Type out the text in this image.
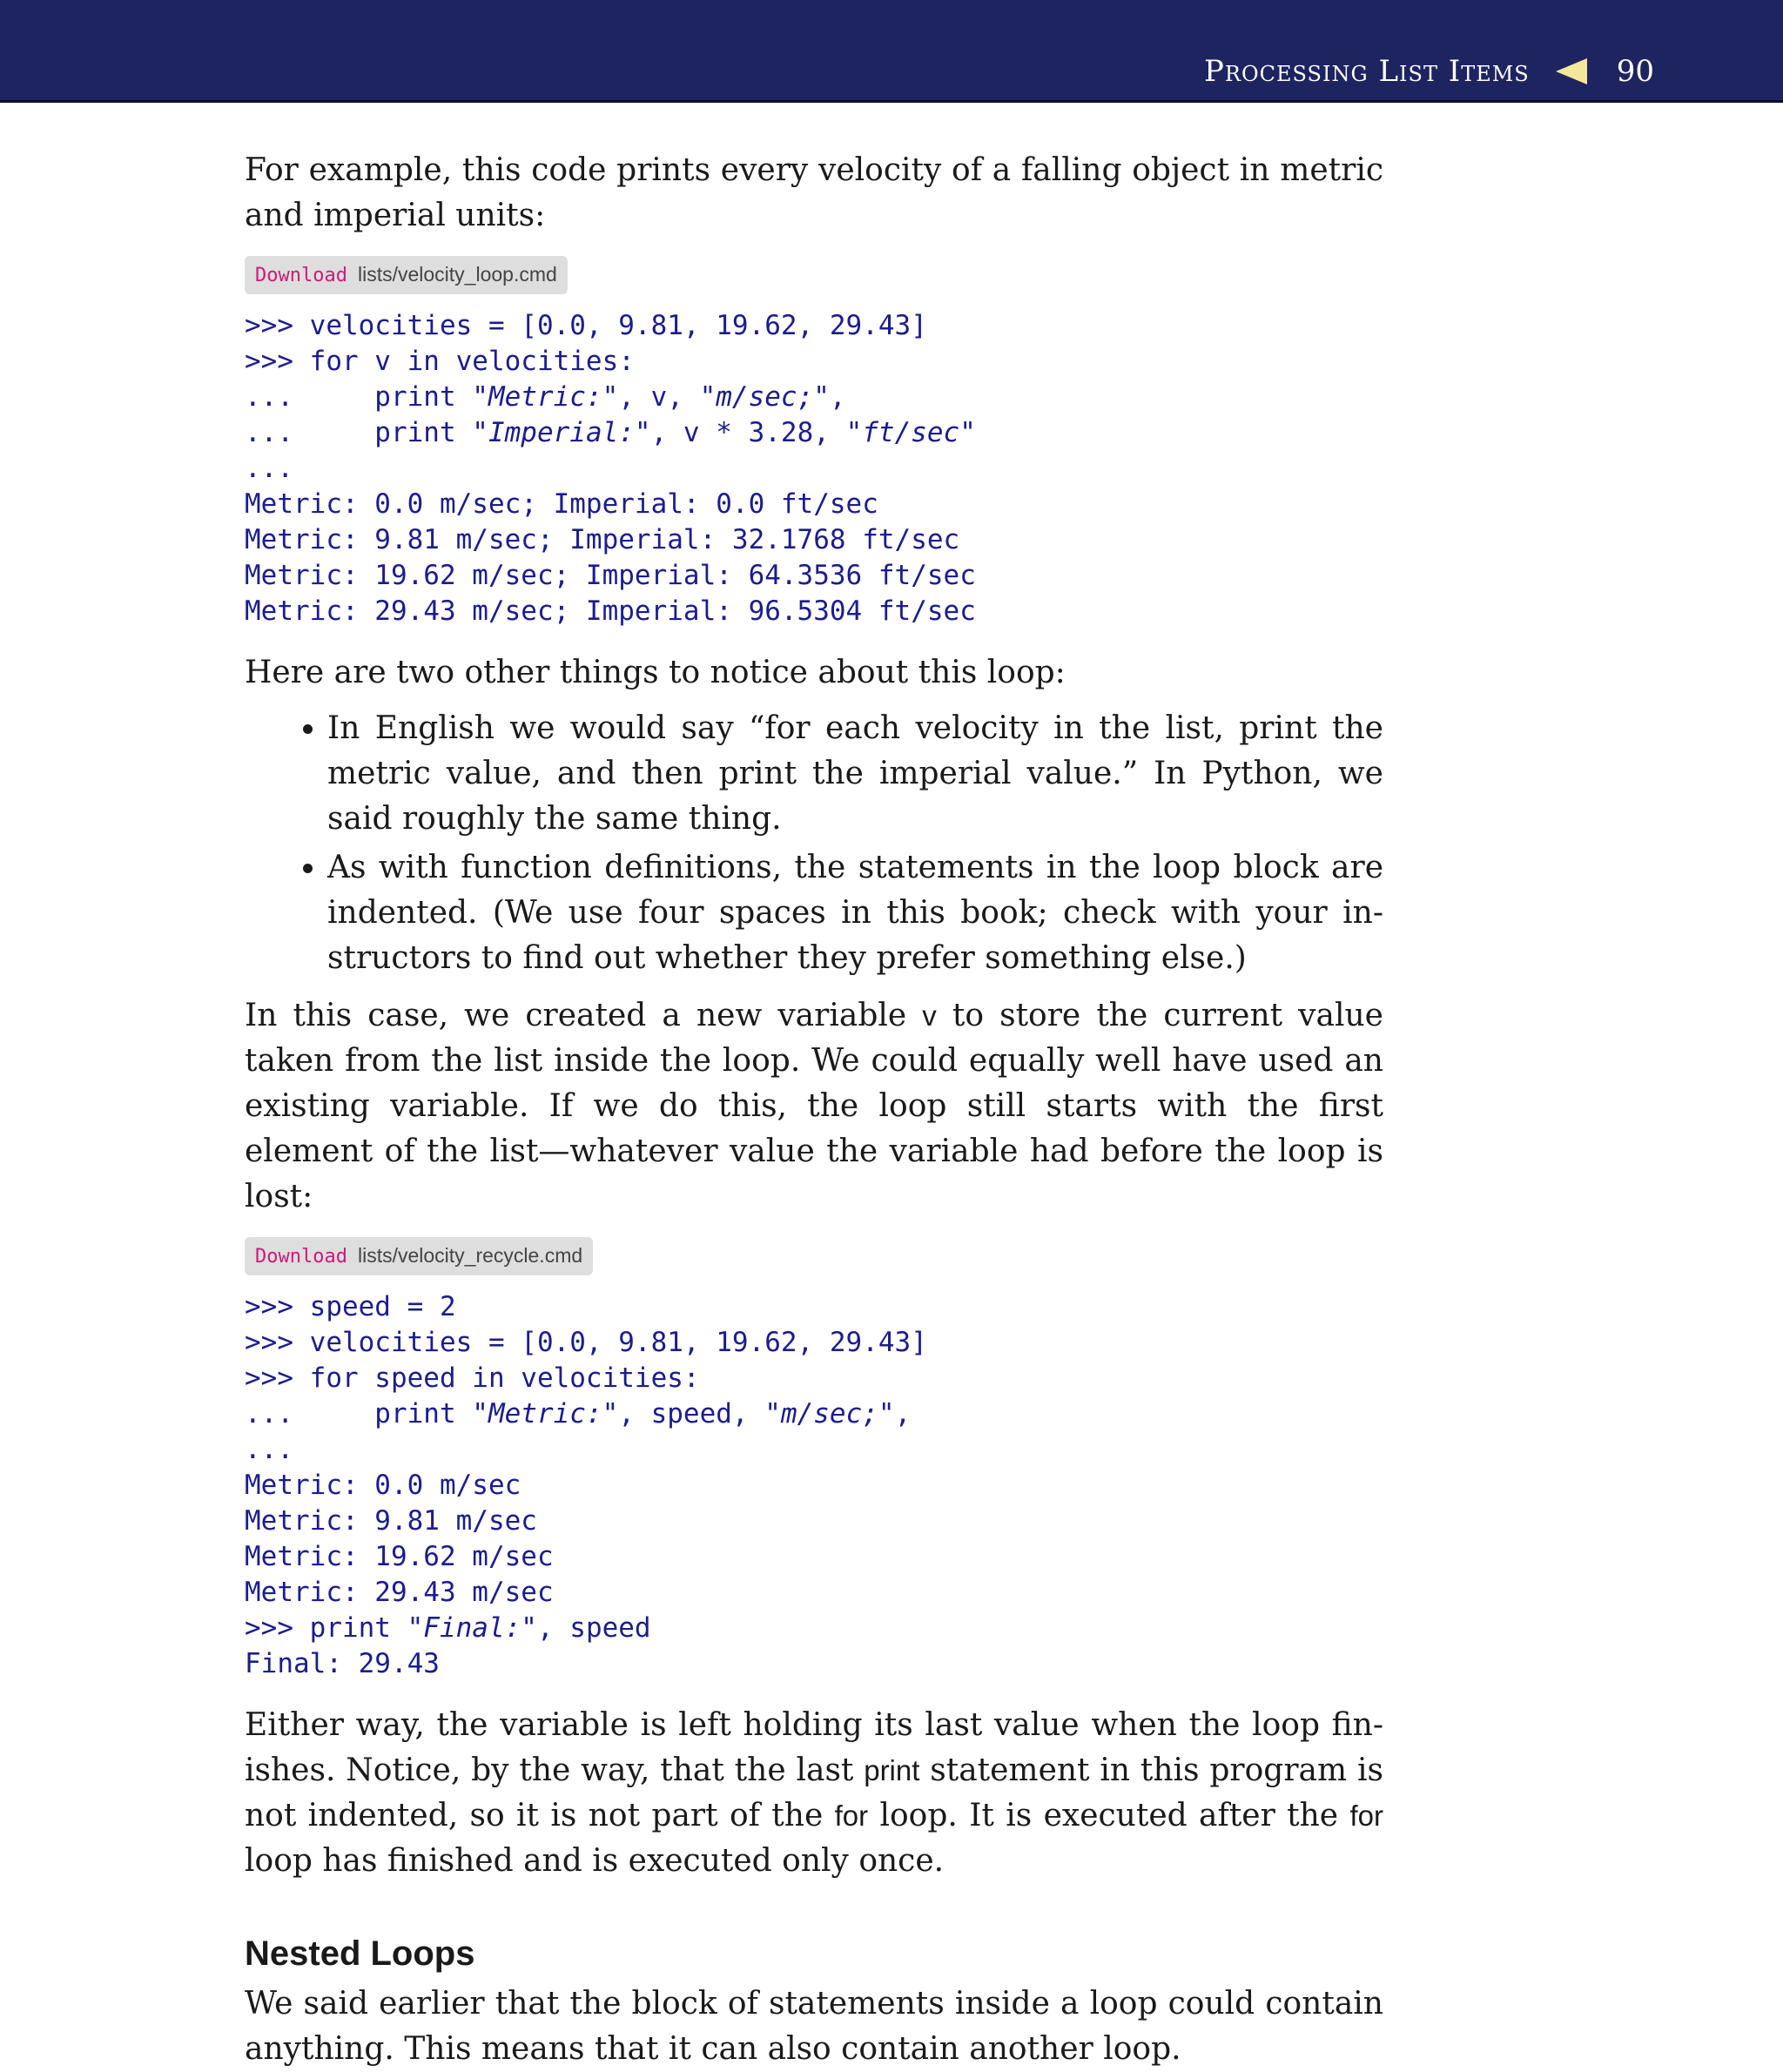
Processing List Items	90

For example, this code prints every velocity of a falling object in metric and imperial units:

Download lists/velocity_loop.cmd
>>> velocities = [0.0, 9.81, 19.62, 29.43]
>>> for v in velocities:
...     print "Metric:", v, "m/sec;",
...     print "Imperial:", v * 3.28, "ft/sec"
...
Metric: 0.0 m/sec; Imperial: 0.0 ft/sec
Metric: 9.81 m/sec; Imperial: 32.1768 ft/sec
Metric: 19.62 m/sec; Imperial: 64.3536 ft/sec
Metric: 29.43 m/sec; Imperial: 96.5304 ft/sec

Here are two other things to notice about this loop:

• In English we would say “for each velocity in the list, print the metric value, and then print the imperial value.” In Python, we said roughly the same thing.
• As with function definitions, the statements in the loop block are indented. (We use four spaces in this book; check with your in-structors to find out whether they prefer something else.)

In this case, we created a new variable v to store the current value taken from the list inside the loop. We could equally well have used an existing variable. If we do this, the loop still starts with the first element of the list—whatever value the variable had before the loop is lost:

Download lists/velocity_recycle.cmd
>>> speed = 2
>>> velocities = [0.0, 9.81, 19.62, 29.43]
>>> for speed in velocities:
...     print "Metric:", speed, "m/sec;",
...
Metric: 0.0 m/sec
Metric: 9.81 m/sec
Metric: 19.62 m/sec
Metric: 29.43 m/sec
>>> print "Final:", speed
Final: 29.43

Either way, the variable is left holding its last value when the loop fin-ishes. Notice, by the way, that the last print statement in this program is not indented, so it is not part of the for loop. It is executed after the for loop has finished and is executed only once.

Nested Loops

We said earlier that the block of statements inside a loop could contain anything. This means that it can also contain another loop.
